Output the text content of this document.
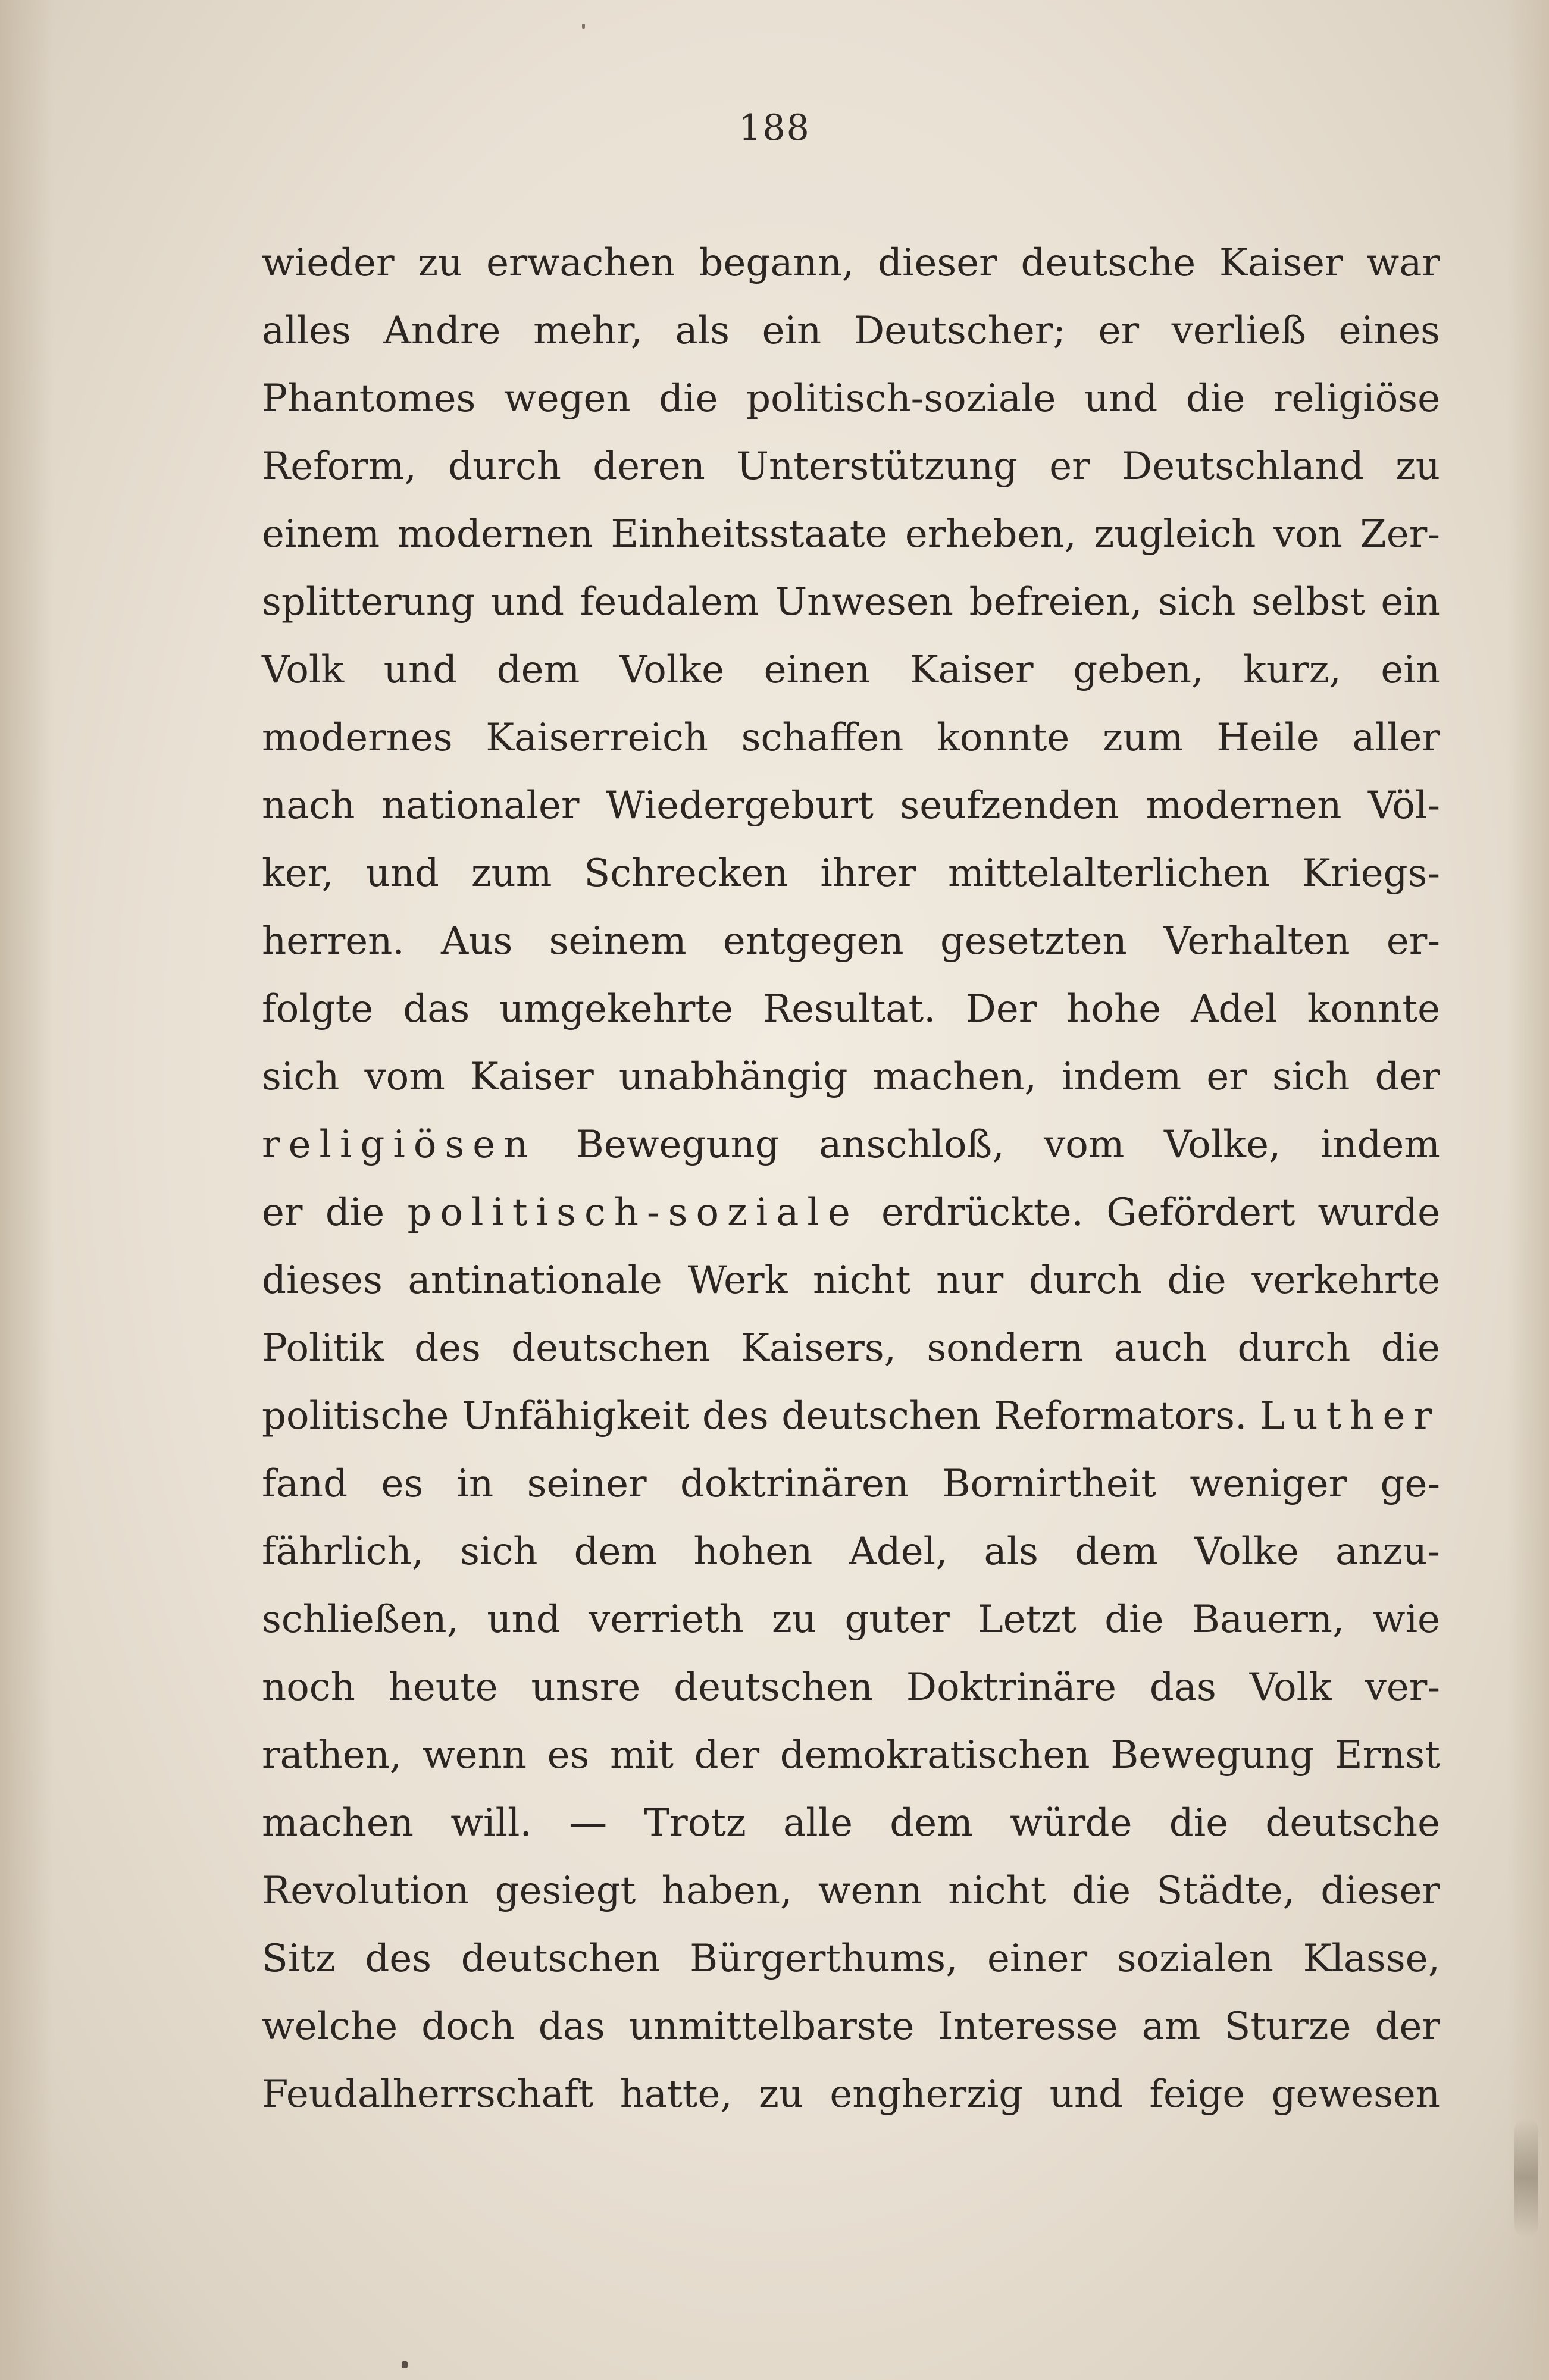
188
wieder zu erwachen begann, dieser deutsche Kaiser war
alles Andre mehr, als ein Deutscher; er verließ eines
Phantomes wegen die politisch-soziale und die religiöse
Reform, durch deren Unterstützung er Deutschland zu
einem modernen Einheitsstaate erheben, zugleich von Zer-
splitterung und feudalem Unwesen befreien, sich selbst ein
Volk und dem Volke einen Kaiser geben, kurz, ein
modernes Kaiserreich schaffen konnte zum Heile aller
nach nationaler Wiedergeburt seufzenden modernen Völ-
ker, und zum Schrecken ihrer mittelalterlichen Kriegs-
herren. Aus seinem entgegen gesetzten Verhalten er-
folgte das umgekehrte Resultat. Der hohe Adel konnte
sich vom Kaiser unabhängig machen, indem er sich der
religiösen Bewegung anschloß, vom Volke, indem
er die politisch-soziale erdrückte. Gefördert wurde
dieses antinationale Werk nicht nur durch die verkehrte
Politik des deutschen Kaisers, sondern auch durch die
politische Unfähigkeit des deutschen Reformators. Luther
fand es in seiner doktrinären Bornirtheit weniger ge-
fährlich, sich dem hohen Adel, als dem Volke anzu-
schließen, und verrieth zu guter Letzt die Bauern, wie
noch heute unsre deutschen Doktrinäre das Volk ver-
rathen, wenn es mit der demokratischen Bewegung Ernst
machen will. — Trotz alle dem würde die deutsche
Revolution gesiegt haben, wenn nicht die Städte, dieser
Sitz des deutschen Bürgerthums, einer sozialen Klasse,
welche doch das unmittelbarste Interesse am Sturze der
Feudalherrschaft hatte, zu engherzig und feige gewesen
